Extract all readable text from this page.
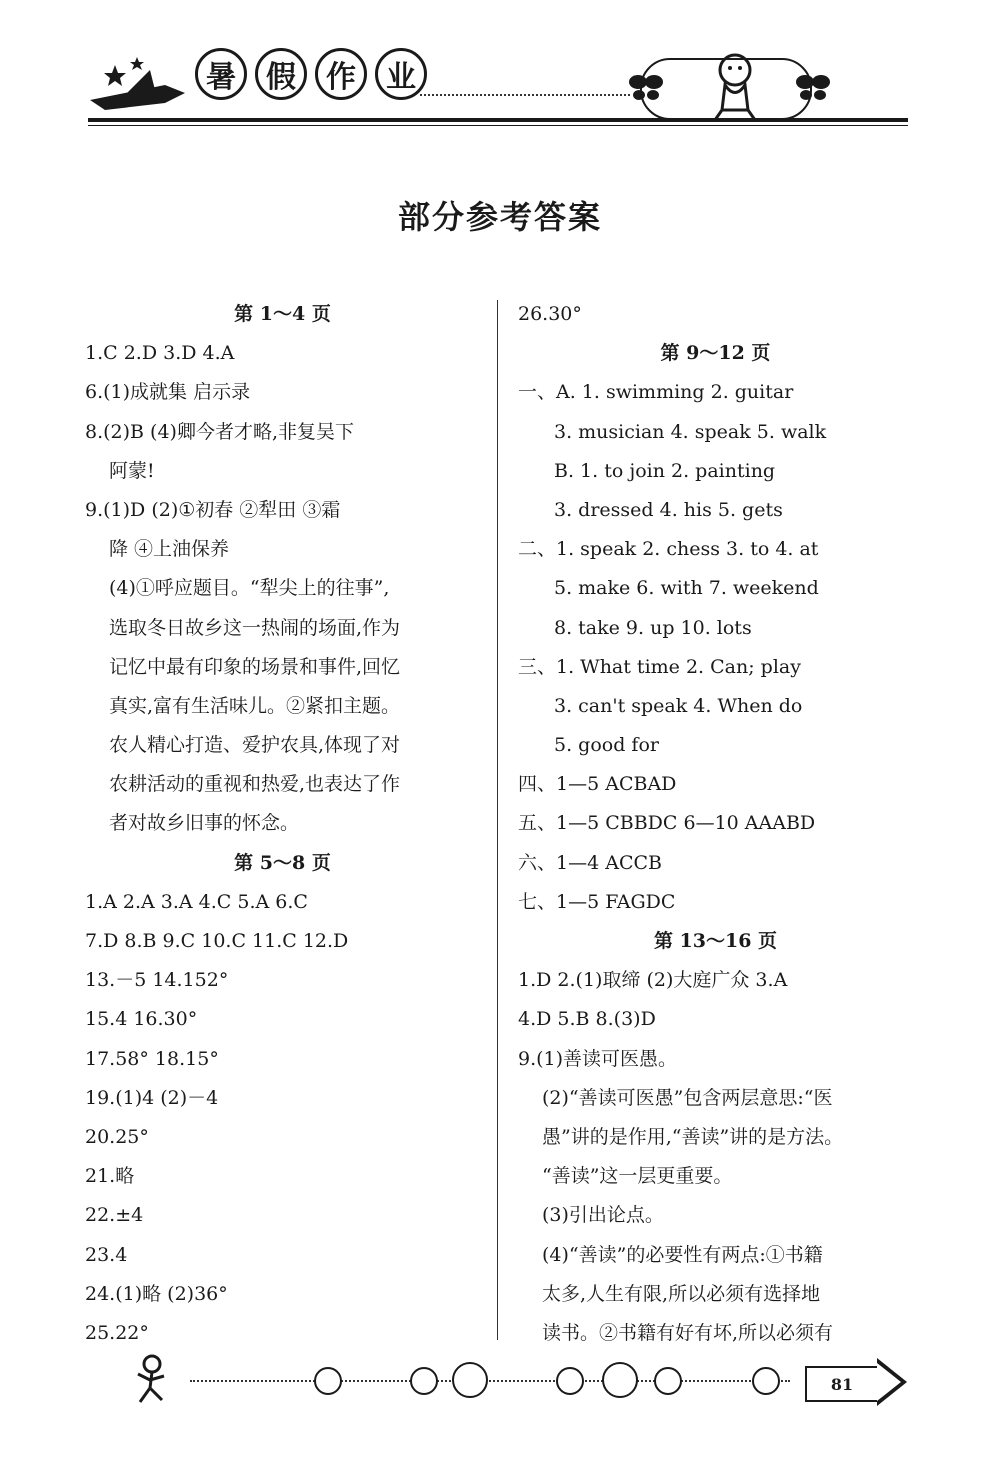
暑	假	作	业
部分参考答案
第 1～4 页
1.C 2.D 3.D 4.A
6.(1)成就集 启示录
8.(2)B (4)卿今者才略,非复吴下
阿蒙!
9.(1)D (2)①初春 ②犁田 ③霜
降 ④上油保养
(4)①呼应题目。“犁尖上的往事”,
选取冬日故乡这一热闹的场面,作为
记忆中最有印象的场景和事件,回忆
真实,富有生活味儿。②紧扣主题。
农人精心打造、爱护农具,体现了对
农耕活动的重视和热爱,也表达了作
者对故乡旧事的怀念。
第 5～8 页
1.A 2.A 3.A 4.C 5.A 6.C
7.D 8.B 9.C 10.C 11.C 12.D
13.－5 14.152°
15.4 16.30°
17.58° 18.15°
19.(1)4 (2)－4
20.25°
21.略
22.±4
23.4
24.(1)略 (2)36°
25.22°
26.30°
第 9～12 页
一、A. 1. swimming 2. guitar
3. musician 4. speak 5. walk
B. 1. to join 2. painting
3. dressed 4. his 5. gets
二、1. speak 2. chess 3. to 4. at
5. make 6. with 7. weekend
8. take 9. up 10. lots
三、1. What time 2. Can; play
3. can't speak 4. When do
5. good for
四、1—5 ACBAD
五、1—5 CBBDC 6—10 AAABD
六、1—4 ACCB
七、1—5 FAGDC
第 13～16 页
1.D 2.(1)取缔 (2)大庭广众 3.A
4.D 5.B 8.(3)D
9.(1)善读可医愚。
(2)“善读可医愚”包含两层意思:“医
愚”讲的是作用,“善读”讲的是方法。
“善读”这一层更重要。
(3)引出论点。
(4)“善读”的必要性有两点:①书籍
太多,人生有限,所以必须有选择地
读书。②书籍有好有坏,所以必须有
81
